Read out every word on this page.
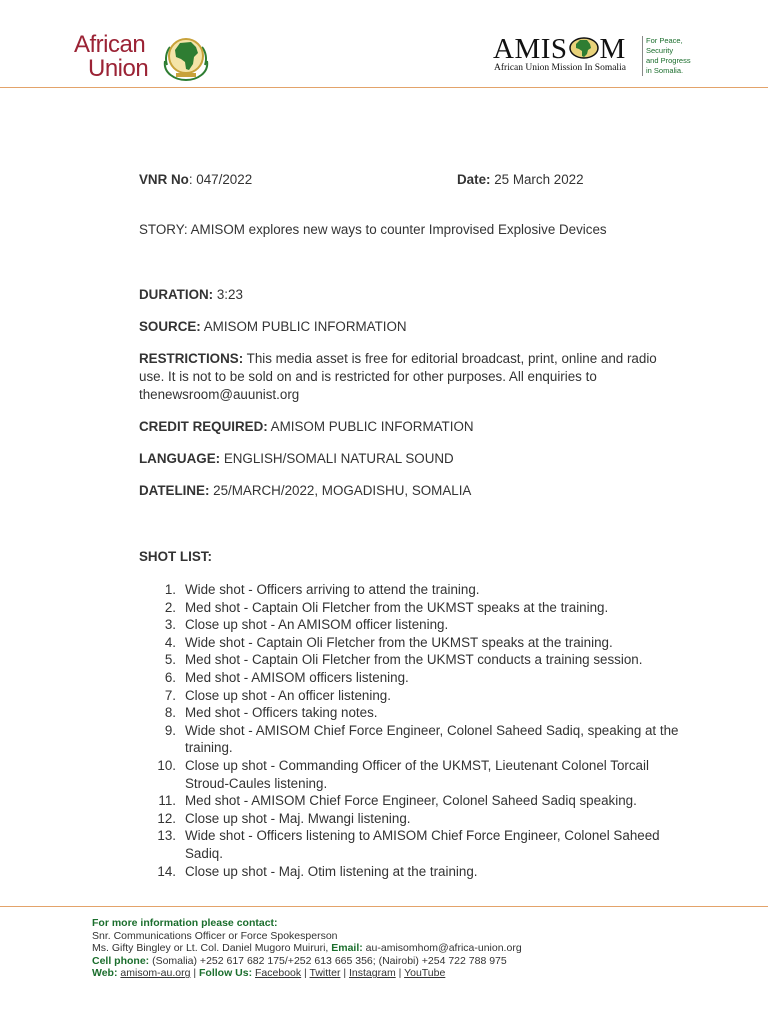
African
Union
AMIS M
African Union Mission In Somalia
For Peace,
Security
and Progress
in Somalia.
VNR No: 047/2022	Date: 25 March 2022

STORY: AMISOM explores new ways to counter Improvised Explosive Devices

DURATION: 3:23

SOURCE: AMISOM PUBLIC INFORMATION

RESTRICTIONS: This media asset is free for editorial broadcast, print, online and radio use. It is not to be sold on and is restricted for other purposes. All enquiries to thenewsroom@auunist.org

CREDIT REQUIRED: AMISOM PUBLIC INFORMATION

LANGUAGE: ENGLISH/SOMALI NATURAL SOUND

DATELINE: 25/MARCH/2022, MOGADISHU, SOMALIA

SHOT LIST:

1. Wide shot - Officers arriving to attend the training.
2. Med shot - Captain Oli Fletcher from the UKMST speaks at the training.
3. Close up shot - An AMISOM officer listening.
4. Wide shot - Captain Oli Fletcher from the UKMST speaks at the training.
5. Med shot - Captain Oli Fletcher from the UKMST conducts a training session.
6. Med shot - AMISOM officers listening.
7. Close up shot - An officer listening.
8. Med shot - Officers taking notes.
9. Wide shot - AMISOM Chief Force Engineer, Colonel Saheed Sadiq, speaking at the training.
10. Close up shot - Commanding Officer of the UKMST, Lieutenant Colonel Torcail Stroud-Caules listening.
11. Med shot - AMISOM Chief Force Engineer, Colonel Saheed Sadiq speaking.
12. Close up shot - Maj. Mwangi listening.
13. Wide shot - Officers listening to AMISOM Chief Force Engineer, Colonel Saheed Sadiq.
14. Close up shot - Maj. Otim listening at the training.
For more information please contact:
Snr. Communications Officer or Force Spokesperson
Ms. Gifty Bingley or Lt. Col. Daniel Mugoro Muiruri, Email: au-amisomhom@africa-union.org
Cell phone: (Somalia) +252 617 682 175/+252 613 665 356; (Nairobi) +254 722 788 975
Web: amisom-au.org | Follow Us: Facebook | Twitter | Instagram | YouTube
